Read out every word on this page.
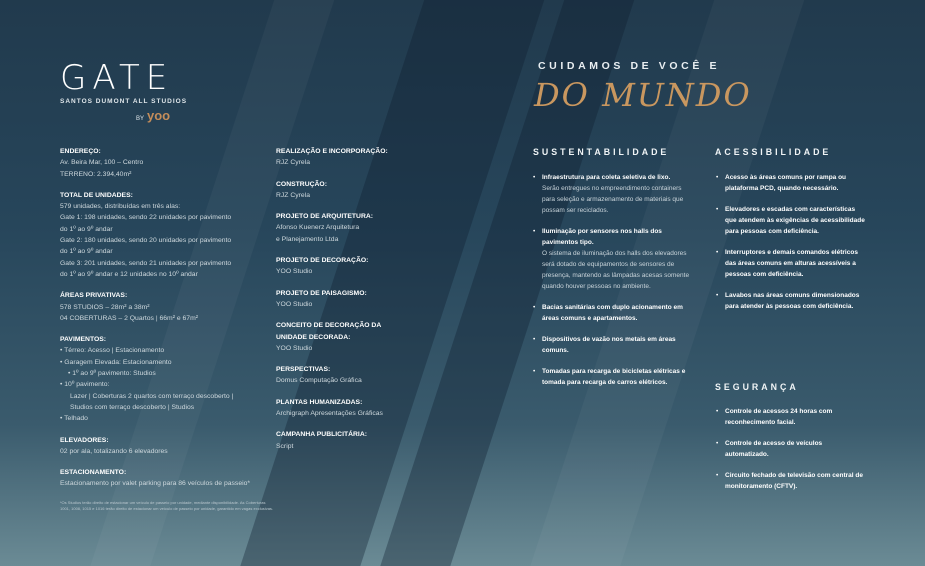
GATE
SANTOS DUMONT ALL STUDIOS
BY yoo
ENDEREÇO:
Av. Beira Mar, 100 – Centro
TERRENO: 2.394,40m²
TOTAL DE UNIDADES:
579 unidades, distribuídas em três alas:
Gate 1: 198 unidades, sendo 22 unidades por pavimento
do 1º ao 9º andar
Gate 2: 180 unidades, sendo 20 unidades por pavimento
do 1º ao 9º andar
Gate 3: 201 unidades, sendo 21 unidades por pavimento
do 1º ao 9º andar e 12 unidades no 10º andar
ÁREAS PRIVATIVAS:
578 STUDIOS – 28m² a 38m²
04 COBERTURAS – 2 Quartos | 66m² e 67m²
PAVIMENTOS:
• Térreo: Acesso | Estacionamento
• Garagem Elevada: Estacionamento
• 1º ao 9º pavimento: Studios
• 10º pavimento:
Lazer | Coberturas 2 quartos com terraço descoberto |
Studios com terraço descoberto | Studios
• Telhado
ELEVADORES:
02 por ala, totalizando 6 elevadores
ESTACIONAMENTO:
Estacionamento por valet parking para 86 veículos de passeio*
*Os Studios terão direito de estacionar um veículo de passeio por unidade, mediante disponibilidade. As Coberturas 1001, 1008, 1015 e 1016 terão direito de estacionar um veículo de passeio por unidade, garantido em vagas exclusivas.
REALIZAÇÃO E INCORPORAÇÃO:
RJZ Cyrela
CONSTRUÇÃO:
RJZ Cyrela
PROJETO DE ARQUITETURA:
Afonso Kuenerz Arquitetura
e Planejamento Ltda
PROJETO DE DECORAÇÃO:
YOO Studio
PROJETO DE PAISAGISMO:
YOO Studio
CONCEITO DE DECORAÇÃO DA UNIDADE DECORADA:
YOO Studio
PERSPECTIVAS:
Domus Computação Gráfica
PLANTAS HUMANIZADAS:
Archigraph Apresentações Gráficas
CAMPANHA PUBLICITÁRIA:
Script
CUIDAMOS DE VOCÊ E
DO MUNDO
SUSTENTABILIDADE
• Infraestrutura para coleta seletiva de lixo.
Serão entregues no empreendimento containers para seleção e armazenamento de materiais que possam ser reciclados.
• Iluminação por sensores nos halls dos pavimentos tipo.
O sistema de iluminação dos halls dos elevadores será dotado de equipamentos de sensores de presença, mantendo as lâmpadas acesas somente quando houver pessoas no ambiente.
• Bacias sanitárias com duplo acionamento em áreas comuns e apartamentos.
• Dispositivos de vazão nos metais em áreas comuns.
• Tomadas para recarga de bicicletas elétricas e tomada para recarga de carros elétricos.
ACESSIBILIDADE
• Acesso às áreas comuns por rampa ou plataforma PCD, quando necessário.
• Elevadores e escadas com características que atendem às exigências de acessibilidade para pessoas com deficiência.
• Interruptores e demais comandos elétricos das áreas comuns em alturas acessíveis a pessoas com deficiência.
• Lavabos nas áreas comuns dimensionados para atender às pessoas com deficiência.
SEGURANÇA
• Controle de acessos 24 horas com reconhecimento facial.
• Controle de acesso de veículos automatizado.
• Circuito fechado de televisão com central de monitoramento (CFTV).
